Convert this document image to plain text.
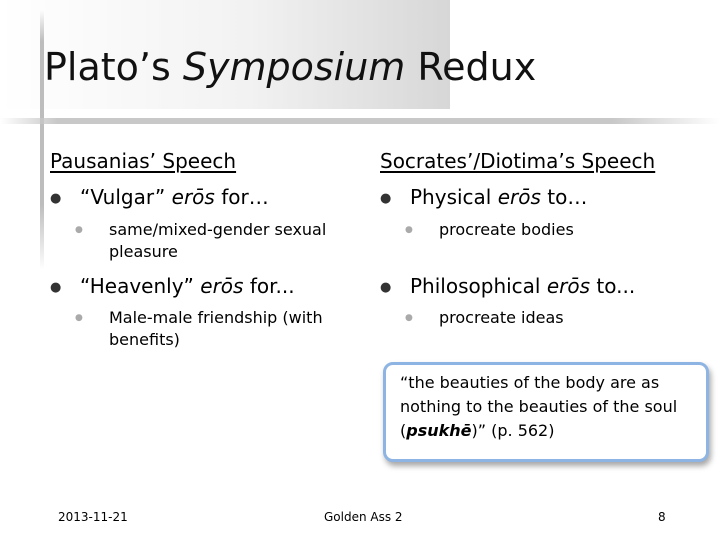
Plato’s Symposium Redux
Pausanias’ Speech
● “Vulgar” erōs for…
● same/mixed-gender sexual pleasure
● “Heavenly” erōs for...
● Male-male friendship (with benefits)
Socrates’/Diotima’s Speech
● Physical erōs to…
● procreate bodies
● Philosophical erōs to...
● procreate ideas
“the beauties of the body are as nothing to the beauties of the soul (psukhē)” (p. 562)
2013-11-21	Golden Ass 2	8
